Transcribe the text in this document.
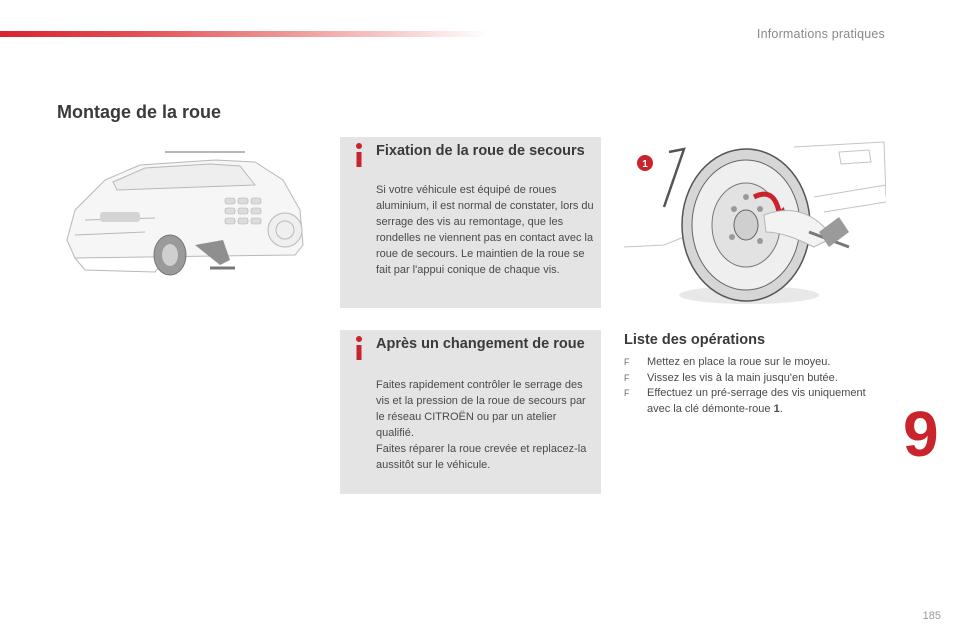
Informations pratiques
Montage de la roue
Fixation de la roue de secours

Si votre véhicule est équipé de roues aluminium, il est normal de constater, lors du serrage des vis au remontage, que les rondelles ne viennent pas en contact avec la roue de secours. Le maintien de la roue se fait par l'appui conique de chaque vis.

Après un changement de roue

Faites rapidement contrôler le serrage des vis et la pression de la roue de secours par le réseau CITROËN ou par un atelier qualifié.

Faites réparer la roue crevée et replacez-la aussitôt sur le véhicule.

1
Liste des opérations
F Mettez en place la roue sur le moyeu.
F Vissez les vis à la main jusqu'en butée.
F Effectuez un pré-serrage des vis uniquement avec la clé démonte-roue 1.	9
185
